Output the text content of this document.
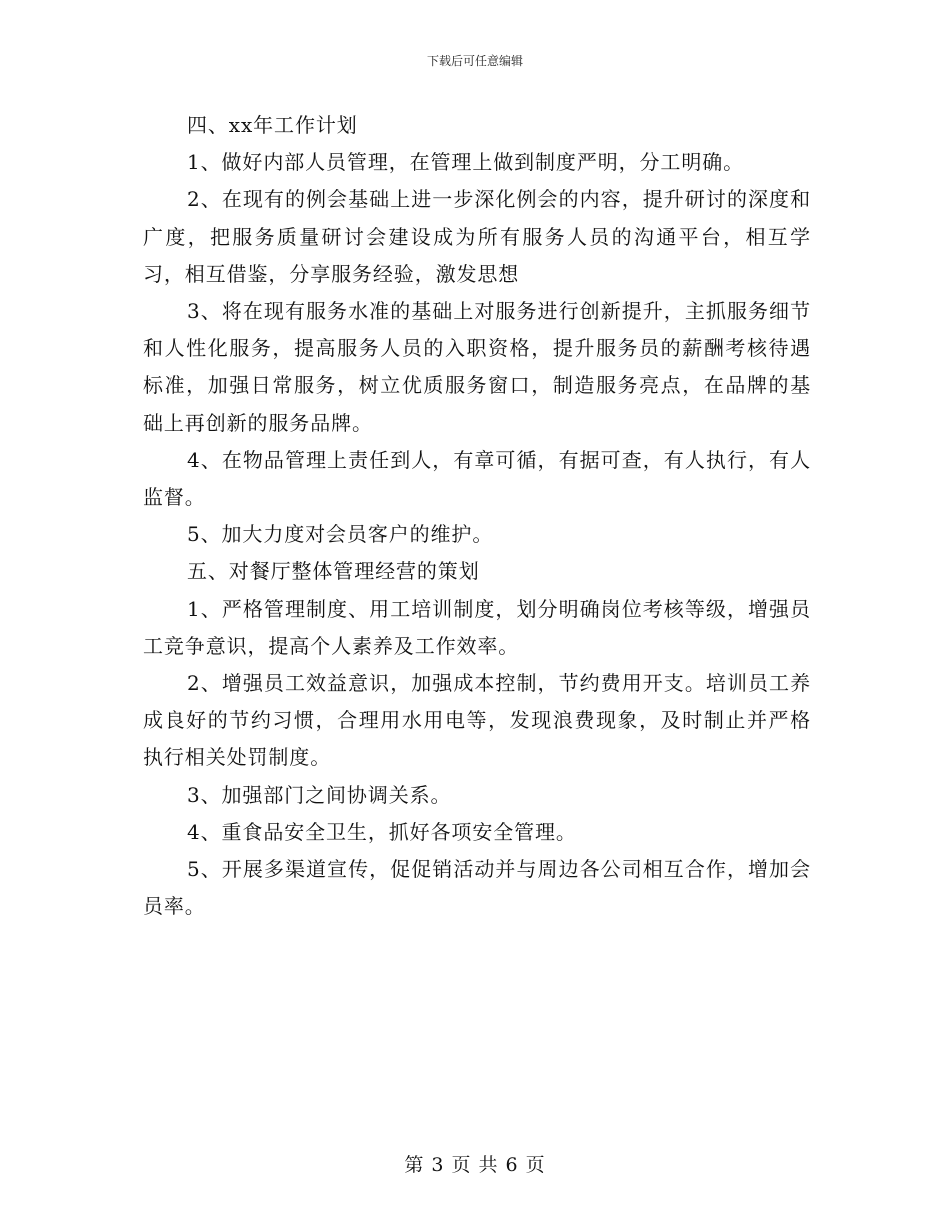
下载后可任意编辑

四、xx年工作计划

1、做好内部人员管理，在管理上做到制度严明，分工明确。

2、在现有的例会基础上进一步深化例会的内容，提升研讨的深度和广度，把服务质量研讨会建设成为所有服务人员的沟通平台，相互学习，相互借鉴，分享服务经验，激发思想

3、将在现有服务水准的基础上对服务进行创新提升，主抓服务细节和人性化服务，提高服务人员的入职资格，提升服务员的薪酬考核待遇标准，加强日常服务，树立优质服务窗口，制造服务亮点，在品牌的基础上再创新的服务品牌。

4、在物品管理上责任到人，有章可循，有据可查，有人执行，有人监督。

5、加大力度对会员客户的维护。

五、对餐厅整体管理经营的策划

1、严格管理制度、用工培训制度，划分明确岗位考核等级，增强员工竞争意识，提高个人素养及工作效率。

2、增强员工效益意识，加强成本控制，节约费用开支。培训员工养成良好的节约习惯，合理用水用电等，发现浪费现象，及时制止并严格执行相关处罚制度。

3、加强部门之间协调关系。

4、重食品安全卫生，抓好各项安全管理。

5、开展多渠道宣传，促促销活动并与周边各公司相互合作，增加会员率。

第 3 页 共 6 页
